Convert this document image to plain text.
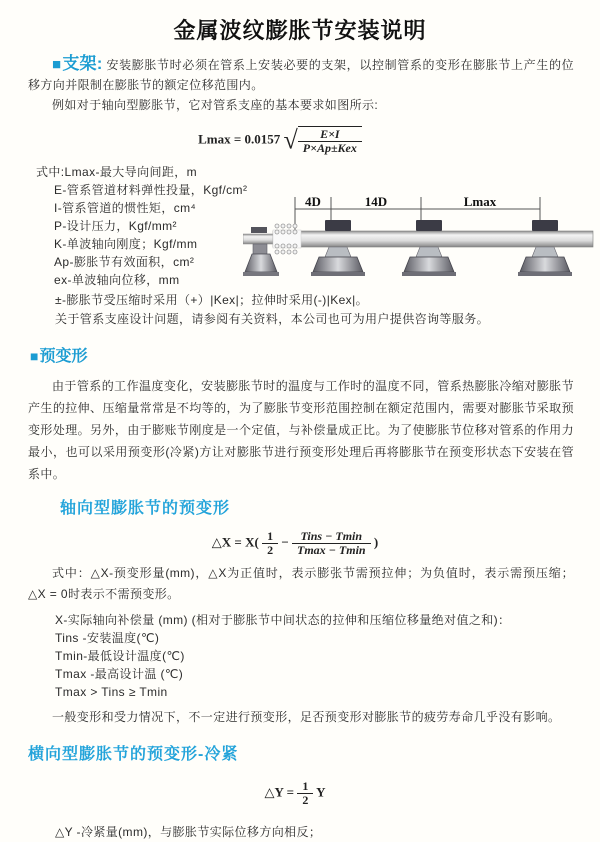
金属波纹膨胀节安装说明

■支架: 安装膨胀节时必须在管系上安装必要的支架，以控制管系的变形在膨胀节上产生的位移方向并限制在膨胀节的额定位移范围内。

例如对于轴向型膨胀节，它对管系支座的基本要求如图所示:

Lmax = 0.0157 √ $\frac{E\times I}{\text{P×Ap±Kex}}$

式中:Lmax-最大导向间距，m

E-管系管道材料弹性投量，Kgf/cm²

I-管系管道的惯性矩，cm⁴

P-设计压力，Kgf/mm²

K-单波轴向刚度；Kgf/mm

Ap-膨胀节有效面积，cm²

ex-单波轴向位移，mm

4D	14D	Lmax

±-膨胀节受压缩时采用（+）|Kex|；拉伸时采用(-)|Kex|。

关于管系支座设计问题，请参阅有关资料，本公司也可为用户提供咨询等服务。

■预变形

由于管系的工作温度变化，安装膨胀节时的温度与工作时的温度不同，管系热膨胀冷缩对膨胀节产生的拉伸、压缩量常常是不均等的，为了膨胀节变形范围控制在额定范围内，需要对膨胀节采取预变形处理。另外，由于膨账节刚度是一个定值，与补偿量成正比。为了使膨胀节位移对管系的作用力最小，也可以采用预变形(冷紧)方让对膨胀节进行预变形处理后再将膨胀节在预变形状态下安装在管系中。

轴向型膨胀节的预变形
△X = $X( \frac{1}{2} - \frac{\text{Tins − Tmin}}{Tmax - Tmin}$ )

式中：△X-预变形量(mm)，△X为正值时，表示膨张节需预拉伸；为负值时，表示需预压缩；△X = 0时表示不需预变形。

X-实际轴向补偿量 (mm) (相对于膨胀节中间状态的拉伸和压缩位移量绝对值之和)：

Tins -安装温度(℃)

Tmin-最低设计温度(℃)

Tmax -最高设计温 (℃)

Tmax > Tins ≥ Tmin

一般变形和受力情况下，不一定进行预变形，足否预变形对膨胀节的疲劳寿命几乎没有影响。

横向型膨胀节的预变形-冷紧
△Y = $\frac{1}{2}$ Y

△Y -冷紧量(mm)，与膨胀节实际位移方向相反；
